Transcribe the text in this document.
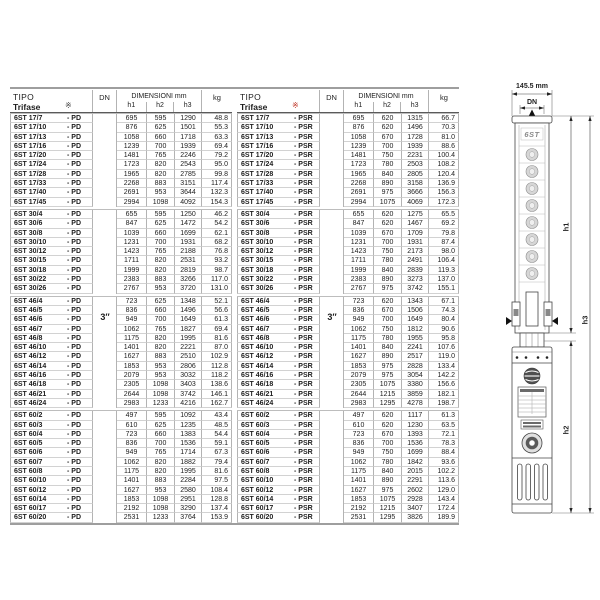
TIPO
Trifase	※
DN	DIMENSIONI mm
h1	h2	h3
kg
6ST 17/7	- PD	695	595	1290	48.8
6ST 17/10	- PD	876	625	1501	55.3
6ST 17/13	- PD	1058	660	1718	63.3
6ST 17/16	- PD	1239	700	1939	69.4
6ST 17/20	- PD	1481	765	2246	79.2
6ST 17/24	- PD	1723	820	2543	95.0
6ST 17/28	- PD	1965	820	2785	99.8
6ST 17/33	- PD	2268	883	3151	117.4
6ST 17/40	- PD	2691	953	3644	132.3
6ST 17/45	- PD	2994	1098	4092	154.3
6ST 30/4	- PD	655	595	1250	46.2
6ST 30/6	- PD	847	625	1472	54.2
6ST 30/8	- PD	1039	660	1699	62.1
6ST 30/10	- PD	1231	700	1931	68.2
6ST 30/12	- PD	1423	765	2188	76.8
6ST 30/15	- PD	1711	820	2531	93.2
6ST 30/18	- PD	1999	820	2819	98.7
6ST 30/22	- PD	2383	883	3266	117.0
6ST 30/26	- PD	2767	953	3720	131.0
6ST 46/4	- PD	723	625	1348	52.1
6ST 46/5	- PD	836	660	1496	56.6
6ST 46/6	- PD	949	700	1649	61.3
6ST 46/7	- PD	1062	765	1827	69.4
6ST 46/8	- PD	1175	820	1995	81.6
6ST 46/10	- PD	1401	820	2221	87.0
6ST 46/12	- PD	1627	883	2510	102.9
6ST 46/14	- PD	1853	953	2806	112.8
6ST 46/16	- PD	2079	953	3032	118.2
6ST 46/18	- PD	2305	1098	3403	138.6
6ST 46/21	- PD	2644	1098	3742	146.1
6ST 46/24	- PD	2983	1233	4216	162.7
6ST 60/2	- PD	497	595	1092	43.4
6ST 60/3	- PD	610	625	1235	48.5
6ST 60/4	- PD	723	660	1383	54.4
6ST 60/5	- PD	836	700	1536	59.1
6ST 60/6	- PD	949	765	1714	67.3
6ST 60/7	- PD	1062	820	1882	79.4
6ST 60/8	- PD	1175	820	1995	81.6
6ST 60/10	- PD	1401	883	2284	97.5
6ST 60/12	- PD	1627	953	2580	108.4
6ST 60/14	- PD	1853	1098	2951	128.8
6ST 60/17	- PD	2192	1098	3290	137.4
6ST 60/20	- PD	2531	1233	3764	153.9
3″
TIPO
Trifase	※
DN	DIMENSIONI mm
h1	h2	h3
kg
6ST 17/7	- PSR	695	620	1315	66.7
6ST 17/10	- PSR	876	620	1496	70.3
6ST 17/13	- PSR	1058	670	1728	81.0
6ST 17/16	- PSR	1239	700	1939	88.6
6ST 17/20	- PSR	1481	750	2231	100.4
6ST 17/24	- PSR	1723	780	2503	108.2
6ST 17/28	- PSR	1965	840	2805	120.4
6ST 17/33	- PSR	2268	890	3158	136.9
6ST 17/40	- PSR	2691	975	3666	156.3
6ST 17/45	- PSR	2994	1075	4069	172.3
6ST 30/4	- PSR	655	620	1275	65.5
6ST 30/6	- PSR	847	620	1467	69.2
6ST 30/8	- PSR	1039	670	1709	79.8
6ST 30/10	- PSR	1231	700	1931	87.4
6ST 30/12	- PSR	1423	750	2173	98.0
6ST 30/15	- PSR	1711	780	2491	106.4
6ST 30/18	- PSR	1999	840	2839	119.3
6ST 30/22	- PSR	2383	890	3273	137.0
6ST 30/26	- PSR	2767	975	3742	155.1
6ST 46/4	- PSR	723	620	1343	67.1
6ST 46/5	- PSR	836	670	1506	74.3
6ST 46/6	- PSR	949	700	1649	80.4
6ST 46/7	- PSR	1062	750	1812	90.6
6ST 46/8	- PSR	1175	780	1955	95.8
6ST 46/10	- PSR	1401	840	2241	107.6
6ST 46/12	- PSR	1627	890	2517	119.0
6ST 46/14	- PSR	1853	975	2828	133.4
6ST 46/16	- PSR	2079	975	3054	142.2
6ST 46/18	- PSR	2305	1075	3380	156.6
6ST 46/21	- PSR	2644	1215	3859	182.1
6ST 46/24	- PSR	2983	1295	4278	198.7
6ST 60/2	- PSR	497	620	1117	61.3
6ST 60/3	- PSR	610	620	1230	63.5
6ST 60/4	- PSR	723	670	1393	72.1
6ST 60/5	- PSR	836	700	1536	78.3
6ST 60/6	- PSR	949	750	1699	88.4
6ST 60/7	- PSR	1062	780	1842	93.6
6ST 60/8	- PSR	1175	840	2015	102.2
6ST 60/10	- PSR	1401	890	2291	113.6
6ST 60/12	- PSR	1627	975	2602	129.0
6ST 60/14	- PSR	1853	1075	2928	143.4
6ST 60/17	- PSR	2192	1215	3407	172.4
6ST 60/20	- PSR	2531	1295	3826	189.9
3″
145.5 mm
DN
6ST
h1
h2
h3
